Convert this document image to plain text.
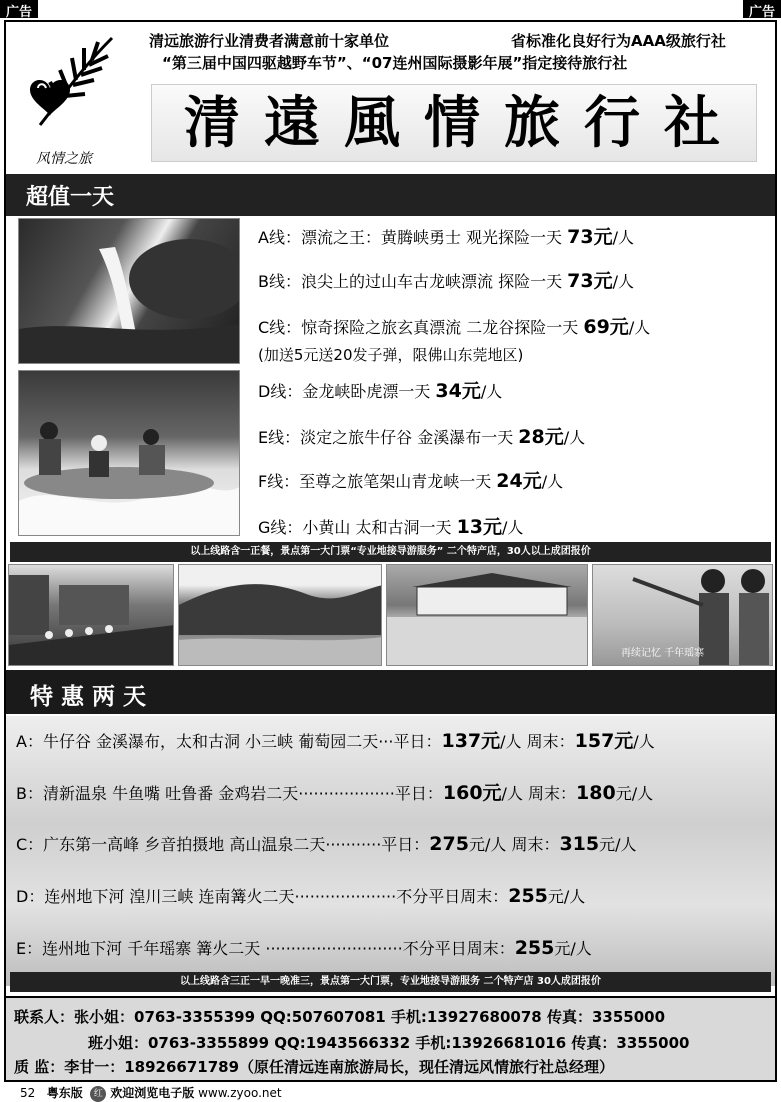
广告	广告
风情之旅
清远旅游行业清费者满意前十家单位	省标准化良好行为AAA级旅行社
“第三届中国四驱越野车节”、“07连州国际摄影年展”指定接待旅行社
清遠風情旅行社
超值一天
A线：漂流之王：黄腾峡勇士 观光探险一天 73元/人
B线：浪尖上的过山车古龙峡漂流 探险一天 73元/人
C线：惊奇探险之旅玄真漂流 二龙谷探险一天 69元/人
(加送5元送20发子弹，限佛山东莞地区)
D线：金龙峡卧虎漂一天 34元/人
E线：淡定之旅牛仔谷 金溪瀑布一天 28元/人
F线：至尊之旅笔架山青龙峡一天 24元/人
G线：小黄山 太和古洞一天 13元/人
以上线路含一正餐，景点第一大门票“专业地接导游服务” 二个特产店，30人以上成团报价
再续记忆 千年瑶寨
特 惠 两 天
A：牛仔谷 金溪瀑布，太和古洞 小三峡 葡萄园二天···平日：137元/人 周末：157元/人
B：清新温泉 牛鱼嘴 吐鲁番 金鸡岩二天···················平日：160元/人 周末：180元/人
C：广东第一高峰 乡音拍摄地 高山温泉二天···········平日：275元/人 周末：315元/人
D：连州地下河 湟川三峡 连南篝火二天····················不分平日周末：255元/人
E：连州地下河 千年瑶寨 篝火二天 ···························不分平日周末：255元/人
以上线路含三正一早一晚准三，景点第一大门票，专业地接导游服务 二个特产店 30人成团报价
联系人：张小姐：0763-3355399 QQ:507607081 手机:13927680078 传真：3355000
班小姐：0763-3355899 QQ:1943566332 手机:13926681016 传真：3355000
质 监：李甘一：18926671789（原任清远连南旅游局长，现任清远风情旅行社总经理）
52 粤东版 红 欢迎浏览电子版 www.zyoo.net
